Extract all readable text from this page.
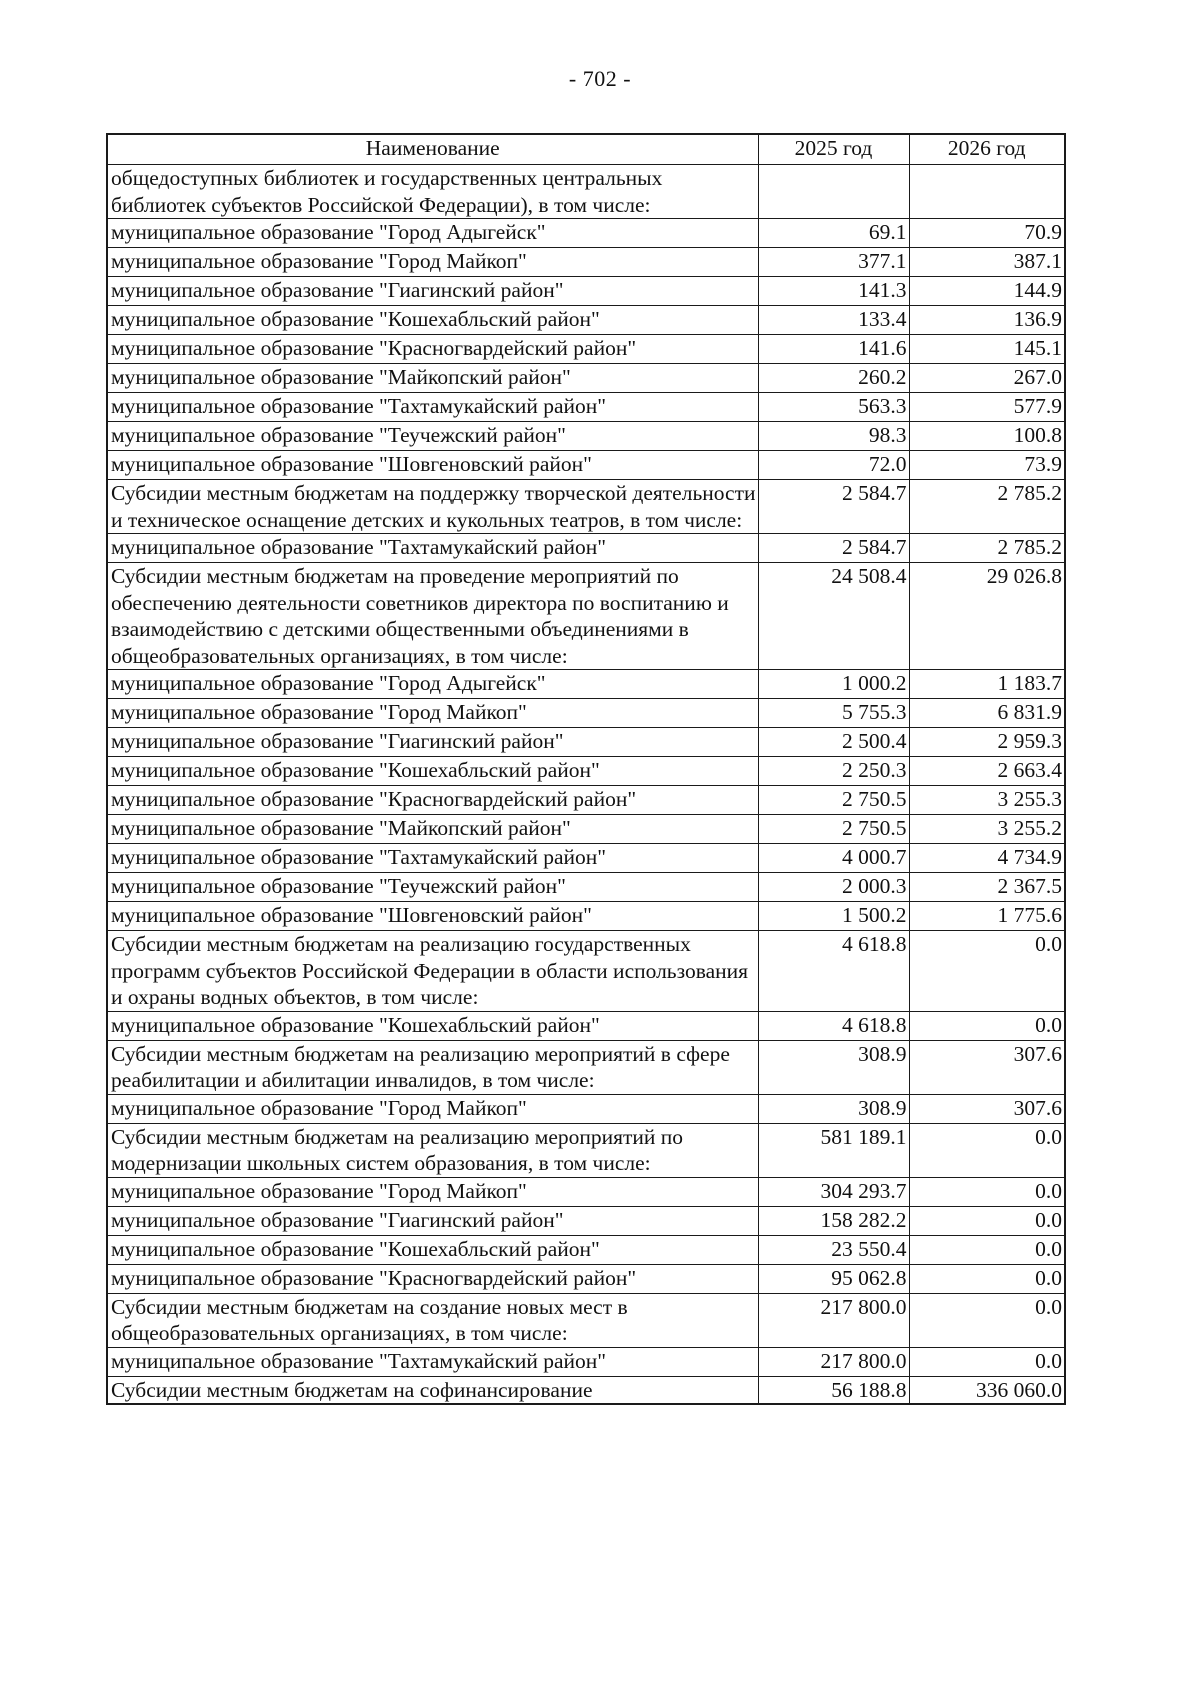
- 702 -
Наименование	2025 год	2026 год
общедоступных библиотек и государственных центральных библиотек субъектов Российской Федерации), в том числе:		
муниципальное образование "Город Адыгейск"	69.1	70.9
муниципальное образование "Город Майкоп"	377.1	387.1
муниципальное образование "Гиагинский район"	141.3	144.9
муниципальное образование "Кошехабльский район"	133.4	136.9
муниципальное образование "Красногвардейский район"	141.6	145.1
муниципальное образование "Майкопский район"	260.2	267.0
муниципальное образование "Тахтамукайский район"	563.3	577.9
муниципальное образование "Теучежский район"	98.3	100.8
муниципальное образование "Шовгеновский район"	72.0	73.9
Субсидии местным бюджетам на поддержку творческой деятельности и техническое оснащение детских и кукольных театров, в том числе:	2 584.7	2 785.2
муниципальное образование "Тахтамукайский район"	2 584.7	2 785.2
Субсидии местным бюджетам на проведение мероприятий по обеспечению деятельности советников директора по воспитанию и взаимодействию с детскими общественными объединениями в общеобразовательных организациях, в том числе:	24 508.4	29 026.8
муниципальное образование "Город Адыгейск"	1 000.2	1 183.7
муниципальное образование "Город Майкоп"	5 755.3	6 831.9
муниципальное образование "Гиагинский район"	2 500.4	2 959.3
муниципальное образование "Кошехабльский район"	2 250.3	2 663.4
муниципальное образование "Красногвардейский район"	2 750.5	3 255.3
муниципальное образование "Майкопский район"	2 750.5	3 255.2
муниципальное образование "Тахтамукайский район"	4 000.7	4 734.9
муниципальное образование "Теучежский район"	2 000.3	2 367.5
муниципальное образование "Шовгеновский район"	1 500.2	1 775.6
Субсидии местным бюджетам на реализацию государственных программ субъектов Российской Федерации в области использования и охраны водных объектов, в том числе:	4 618.8	0.0
муниципальное образование "Кошехабльский район"	4 618.8	0.0
Субсидии местным бюджетам на реализацию мероприятий в сфере реабилитации и абилитации инвалидов, в том числе:	308.9	307.6
муниципальное образование "Город Майкоп"	308.9	307.6
Субсидии местным бюджетам на реализацию мероприятий по модернизации школьных систем образования, в том числе:	581 189.1	0.0
муниципальное образование "Город Майкоп"	304 293.7	0.0
муниципальное образование "Гиагинский район"	158 282.2	0.0
муниципальное образование "Кошехабльский район"	23 550.4	0.0
муниципальное образование "Красногвардейский район"	95 062.8	0.0
Субсидии местным бюджетам на создание новых мест в общеобразовательных организациях, в том числе:	217 800.0	0.0
муниципальное образование "Тахтамукайский район"	217 800.0	0.0
Субсидии местным бюджетам на софинансирование	56 188.8	336 060.0
